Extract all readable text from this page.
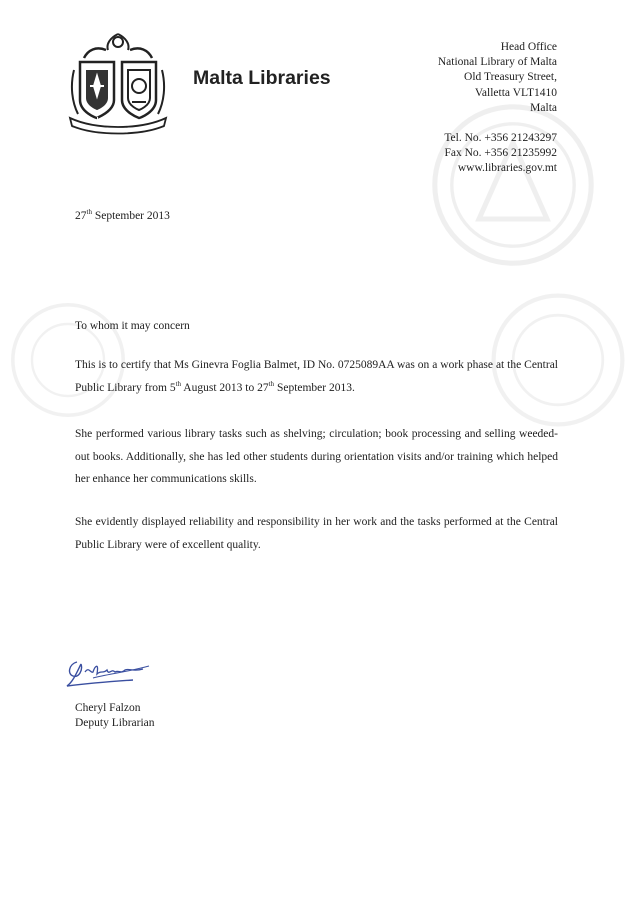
Malta Libraries
Head Office
National Library of Malta
Old Treasury Street,
Valletta VLT1410
Malta
Tel. No. +356 21243297
Fax No. +356 21235992
www.libraries.gov.mt
27th September 2013
To whom it may concern
This is to certify that Ms Ginevra Foglia Balmet, ID No. 0725089AA was on a work phase at the Central Public Library from 5th August 2013 to 27th September 2013.
She performed various library tasks such as shelving; circulation; book processing and selling weeded-out books. Additionally, she has led other students during orientation visits and/or training which helped her enhance her communications skills.
She evidently displayed reliability and responsibility in her work and the tasks performed at the Central Public Library were of excellent quality.
Cheryl Falzon
Deputy Librarian
